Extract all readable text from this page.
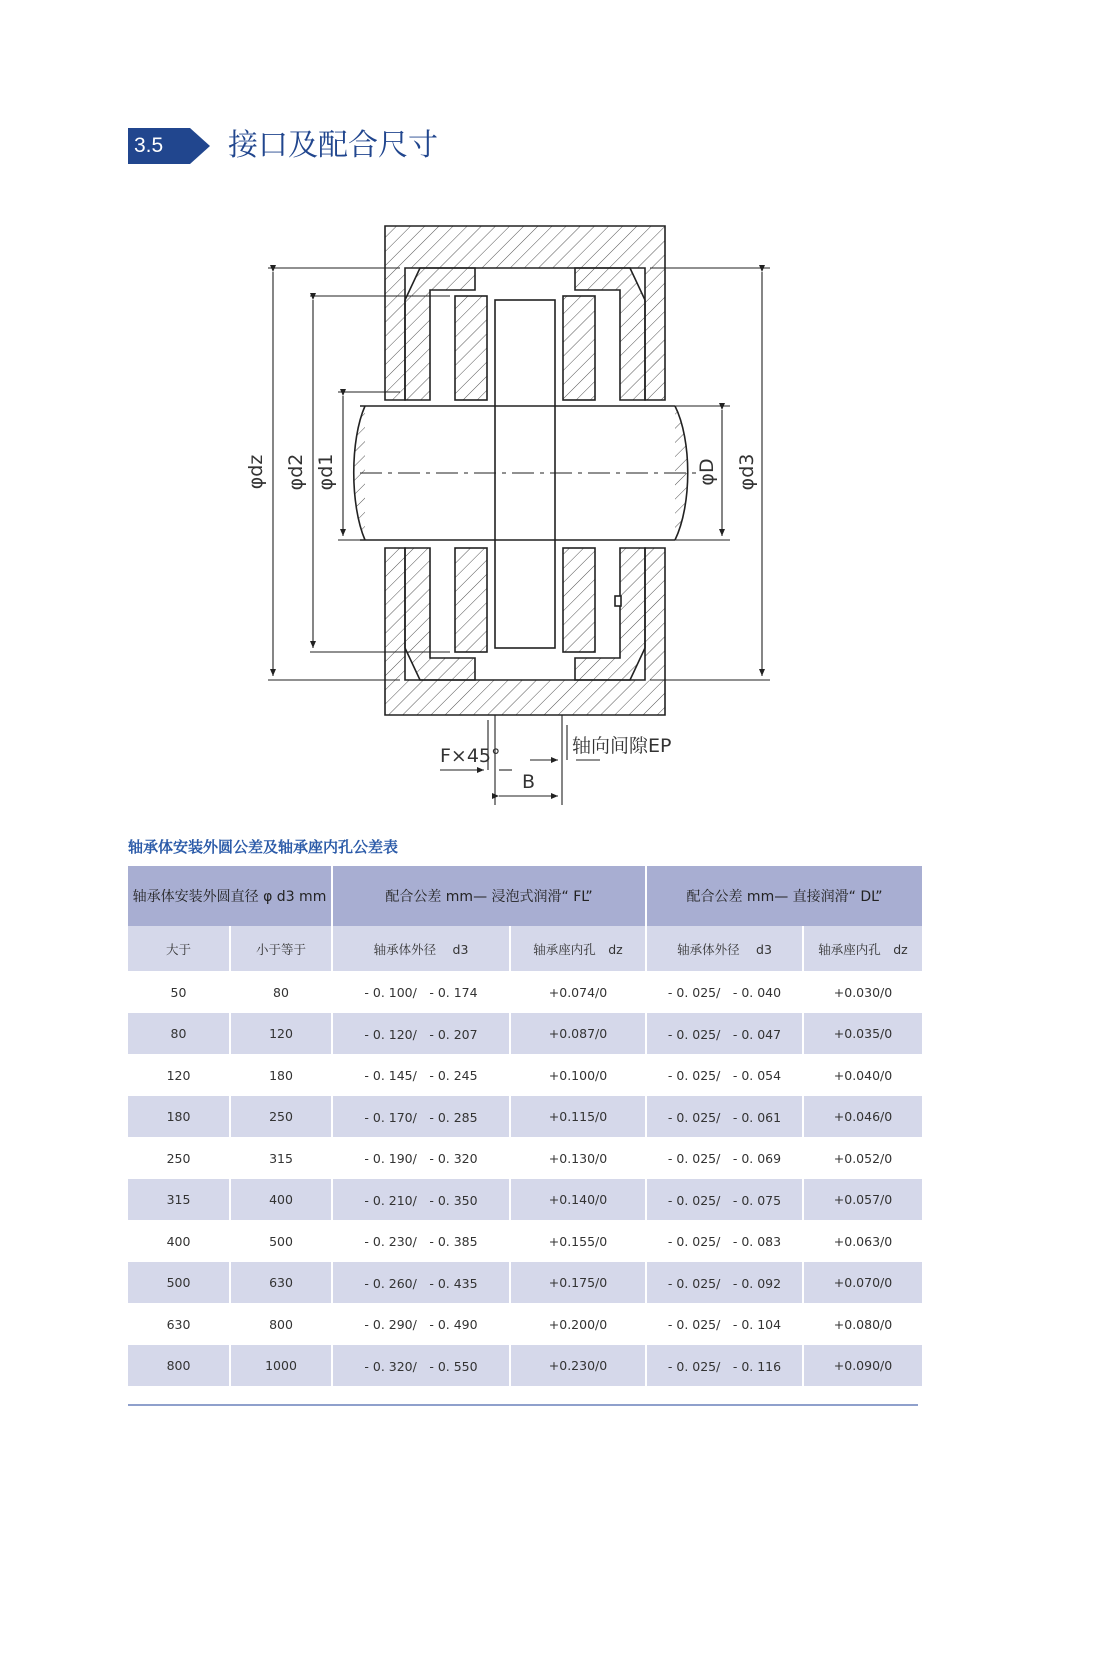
3.5	接口及配合尺寸
φdz φd2 φd1	φD φd3
F×45°
B
轴向间隙EP
轴承体安装外圆公差及轴承座内孔公差表
轴承体安装外圆直径 φ d3 mm		配合公差 mm— 浸泡式润滑“ FL”		配合公差 mm— 直接润滑“ DL”	
大于	小于等于	轴承体外径　 d3	轴承座内孔　dz	轴承体外径　 d3	轴承座内孔　dz
50	80	- 0. 100/　- 0. 174	+0.074/0	- 0. 025/　- 0. 040	+0.030/0
80	120	- 0. 120/　- 0. 207	+0.087/0	- 0. 025/　- 0. 047	+0.035/0
120	180	- 0. 145/　- 0. 245	+0.100/0	- 0. 025/　- 0. 054	+0.040/0
180	250	- 0. 170/　- 0. 285	+0.115/0	- 0. 025/　- 0. 061	+0.046/0
250	315	- 0. 190/　- 0. 320	+0.130/0	- 0. 025/　- 0. 069	+0.052/0
315	400	- 0. 210/　- 0. 350	+0.140/0	- 0. 025/　- 0. 075	+0.057/0
400	500	- 0. 230/　- 0. 385	+0.155/0	- 0. 025/　- 0. 083	+0.063/0
500	630	- 0. 260/　- 0. 435	+0.175/0	- 0. 025/　- 0. 092	+0.070/0
630	800	- 0. 290/　- 0. 490	+0.200/0	- 0. 025/　- 0. 104	+0.080/0
800	1000	- 0. 320/　- 0. 550	+0.230/0	- 0. 025/　- 0. 116	+0.090/0
